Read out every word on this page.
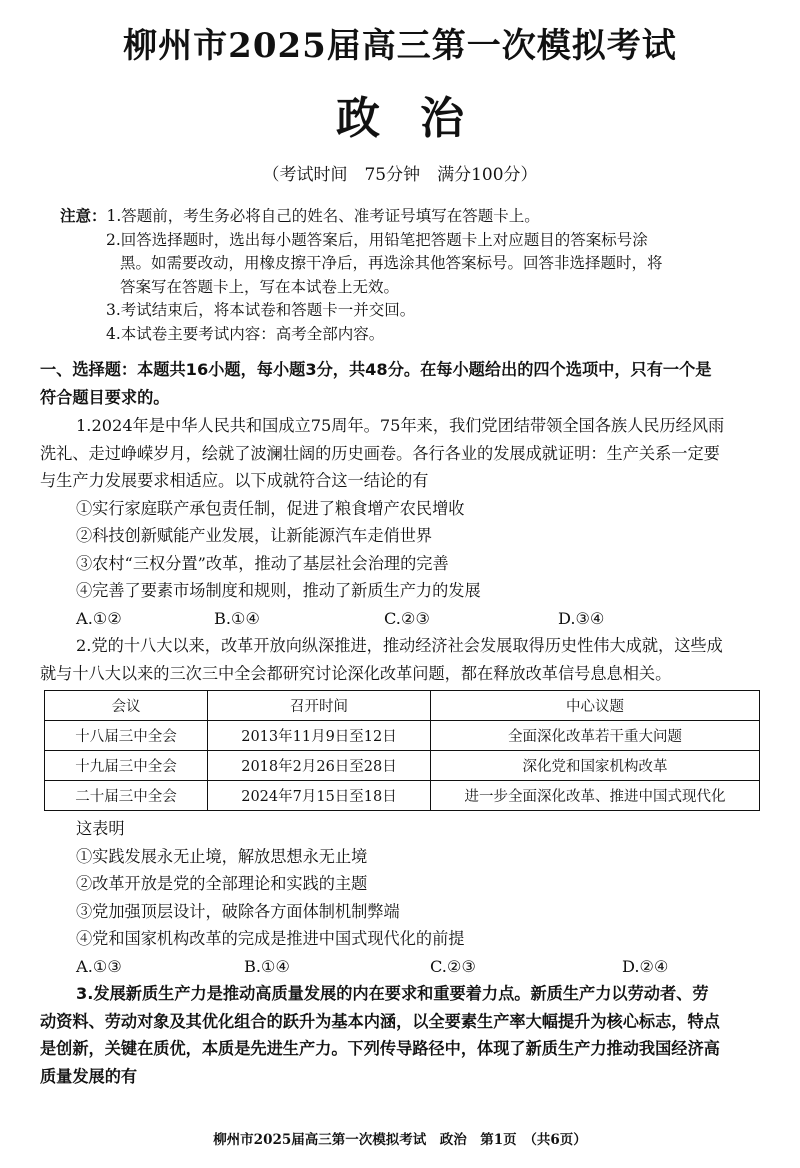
柳州市2025届高三第一次模拟考试
政治
（考试时间　75分钟　满分100分）
注意：1.答题前，考生务必将自己的姓名、准考证号填写在答题卡上。
2.回答选择题时，选出每小题答案后，用铅笔把答题卡上对应题目的答案标号涂
黑。如需要改动，用橡皮擦干净后，再选涂其他答案标号。回答非选择题时，将
答案写在答题卡上，写在本试卷上无效。
3.考试结束后，将本试卷和答题卡一并交回。
4.本试卷主要考试内容：高考全部内容。
一、选择题：本题共16小题，每小题3分，共48分。在每小题给出的四个选项中，只有一个是
符合题目要求的。
1.2024年是中华人民共和国成立75周年。75年来，我们党团结带领全国各族人民历经风雨
洗礼、走过峥嵘岁月，绘就了波澜壮阔的历史画卷。各行各业的发展成就证明：生产关系一定要
与生产力发展要求相适应。以下成就符合这一结论的有
①实行家庭联产承包责任制，促进了粮食增产农民增收
②科技创新赋能产业发展，让新能源汽车走俏世界
③农村“三权分置”改革，推动了基层社会治理的完善
④完善了要素市场制度和规则，推动了新质生产力的发展
A.①②	B.①④	C.②③	D.③④
2.党的十八大以来，改革开放向纵深推进，推动经济社会发展取得历史性伟大成就，这些成
就与十八大以来的三次三中全会都研究讨论深化改革问题，都在释放改革信号息息相关。
会议	召开时间	中心议题
十八届三中全会	2013年11月9日至12日	全面深化改革若干重大问题
十九届三中全会	2018年2月26日至28日	深化党和国家机构改革
二十届三中全会	2024年7月15日至18日	进一步全面深化改革、推进中国式现代化
这表明
①实践发展永无止境，解放思想永无止境
②改革开放是党的全部理论和实践的主题
③党加强顶层设计，破除各方面体制机制弊端
④党和国家机构改革的完成是推进中国式现代化的前提
A.①③	B.①④	C.②③	D.②④
3.发展新质生产力是推动高质量发展的内在要求和重要着力点。新质生产力以劳动者、劳
动资料、劳动对象及其优化组合的跃升为基本内涵，以全要素生产率大幅提升为核心标志，特点
是创新，关键在质优，本质是先进生产力。下列传导路径中，体现了新质生产力推动我国经济高
质量发展的有
柳州市2025届高三第一次模拟考试　政治　第1页　（共6页）
